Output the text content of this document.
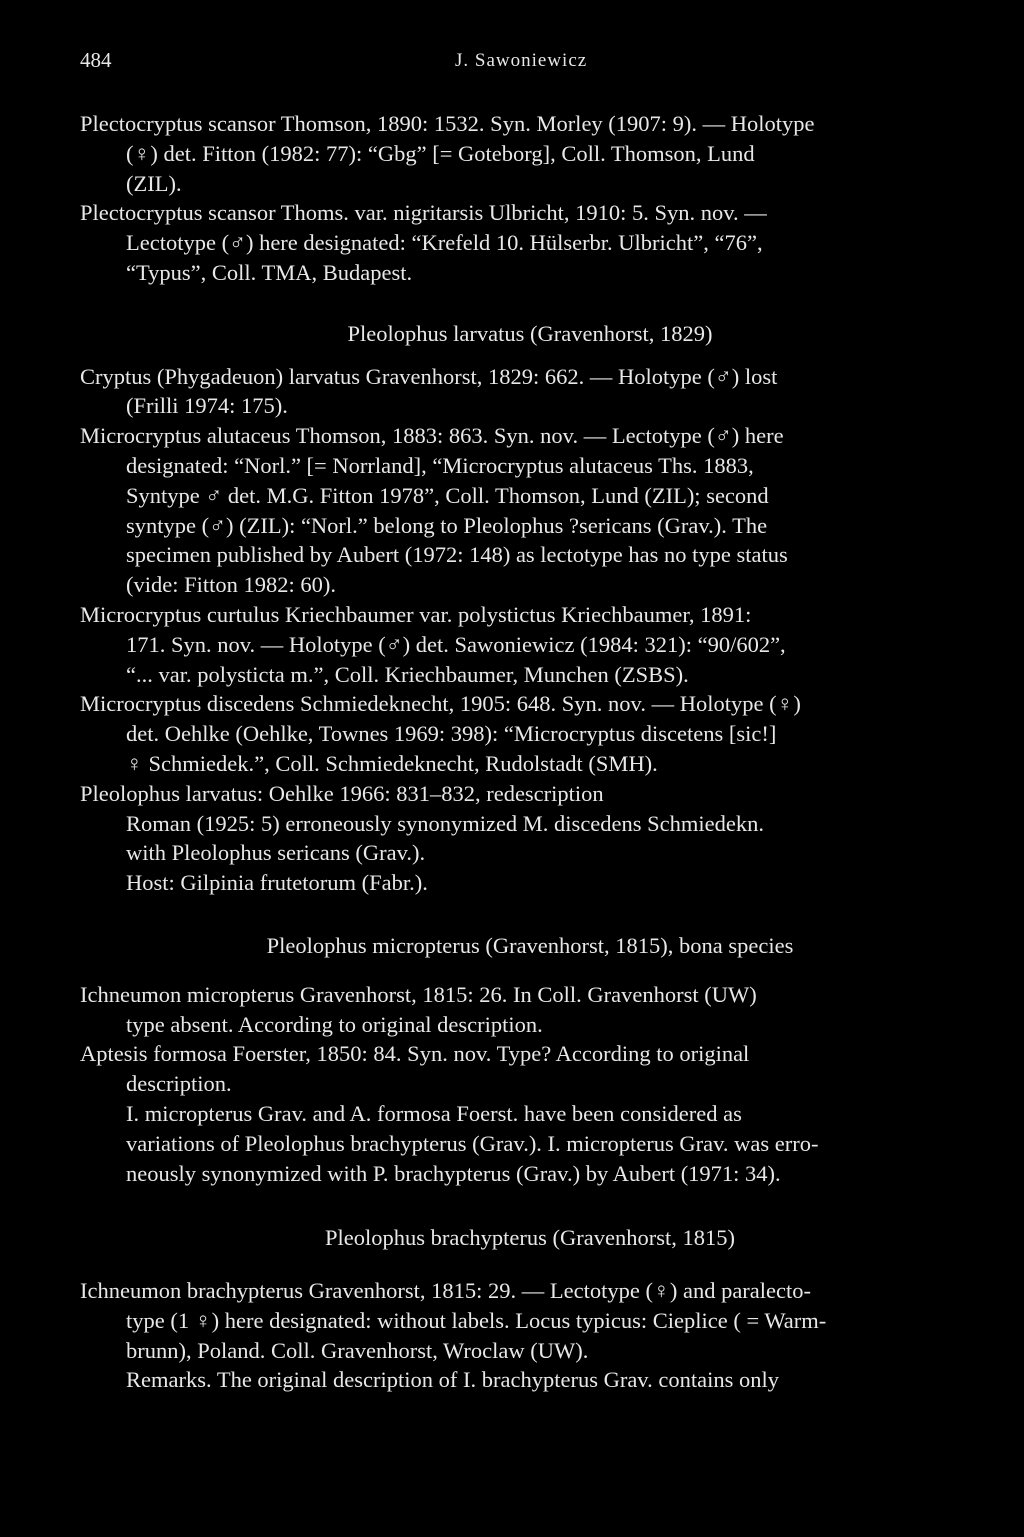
484	J. Sawoniewicz

Plectocryptus scansor Thomson, 1890: 1532. Syn. Morley (1907: 9). — Holotype
(♀) det. Fitton (1982: 77): “Gbg” [= Goteborg], Coll. Thomson, Lund
(ZIL).

Plectocryptus scansor Thoms. var. nigritarsis Ulbricht, 1910: 5. Syn. nov. —
Lectotype (♂) here designated: “Krefeld 10. Hülserbr. Ulbricht”, “76”,
“Typus”, Coll. TMA, Budapest.

Pleolophus larvatus (Gravenhorst, 1829)

Cryptus (Phygadeuon) larvatus Gravenhorst, 1829: 662. — Holotype (♂) lost
(Frilli 1974: 175).

Microcryptus alutaceus Thomson, 1883: 863. Syn. nov. — Lectotype (♂) here
designated: “Norl.” [= Norrland], “Microcryptus alutaceus Ths. 1883,
Syntype ♂ det. M.G. Fitton 1978”, Coll. Thomson, Lund (ZIL); second
syntype (♂) (ZIL): “Norl.” belong to Pleolophus ?sericans (Grav.). The
specimen published by Aubert (1972: 148) as lectotype has no type status
(vide: Fitton 1982: 60).

Microcryptus curtulus Kriechbaumer var. polystictus Kriechbaumer, 1891:
171. Syn. nov. — Holotype (♂) det. Sawoniewicz (1984: 321): “90/602”,
“... var. polysticta m.”, Coll. Kriechbaumer, Munchen (ZSBS).

Microcryptus discedens Schmiedeknecht, 1905: 648. Syn. nov. — Holotype (♀)
det. Oehlke (Oehlke, Townes 1969: 398): “Microcryptus discetens [sic!]
♀ Schmiedek.”, Coll. Schmiedeknecht, Rudolstadt (SMH).

Pleolophus larvatus: Oehlke 1966: 831–832, redescription

Roman (1925: 5) erroneously synonymized M. discedens Schmiedekn.
with Pleolophus sericans (Grav.).
Host: Gilpinia frutetorum (Fabr.).

Pleolophus micropterus (Gravenhorst, 1815), bona species

Ichneumon micropterus Gravenhorst, 1815: 26. In Coll. Gravenhorst (UW)
type absent. According to original description.

Aptesis formosa Foerster, 1850: 84. Syn. nov. Type? According to original
description.

I. micropterus Grav. and A. formosa Foerst. have been considered as
variations of Pleolophus brachypterus (Grav.). I. micropterus Grav. was erro-
neously synonymized with P. brachypterus (Grav.) by Aubert (1971: 34).

Pleolophus brachypterus (Gravenhorst, 1815)

Ichneumon brachypterus Gravenhorst, 1815: 29. — Lectotype (♀) and paralecto-
type (1 ♀) here designated: without labels. Locus typicus: Cieplice ( = Warm-
brunn), Poland. Coll. Gravenhorst, Wroclaw (UW).
Remarks. The original description of I. brachypterus Grav. contains only
